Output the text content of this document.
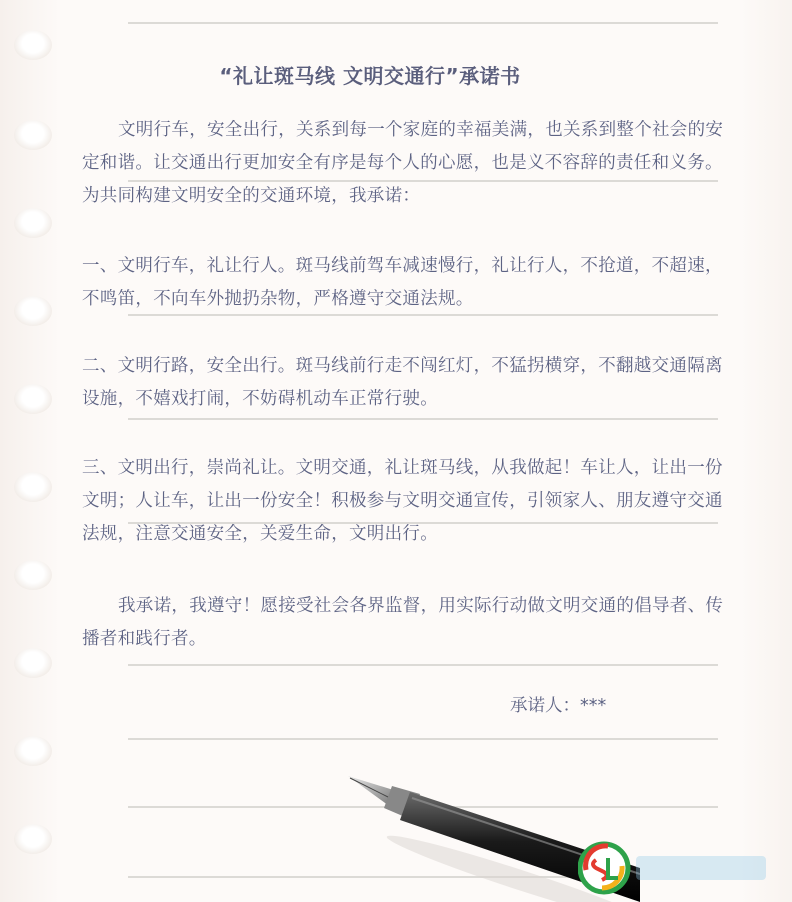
“礼让斑马线 文明交通行”承诺书

文明行车，安全出行，关系到每一个家庭的幸福美满，也关系到整个社会的安定和谐。让交通出行更加安全有序是每个人的心愿，也是义不容辞的责任和义务。为共同构建文明安全的交通环境，我承诺：

一、文明行车，礼让行人。斑马线前驾车减速慢行，礼让行人，不抢道，不超速，不鸣笛，不向车外抛扔杂物，严格遵守交通法规。

二、文明行路，安全出行。斑马线前行走不闯红灯，不猛拐横穿，不翻越交通隔离设施，不嬉戏打闹，不妨碍机动车正常行驶。

三、文明出行，崇尚礼让。文明交通，礼让斑马线，从我做起！车让人，让出一份文明；人让车，让出一份安全！积极参与文明交通宣传，引领家人、朋友遵守交通法规，注意交通安全，关爱生命，文明出行。

我承诺，我遵守！愿接受社会各界监督，用实际行动做文明交通的倡导者、传播者和践行者。

承诺人：***
